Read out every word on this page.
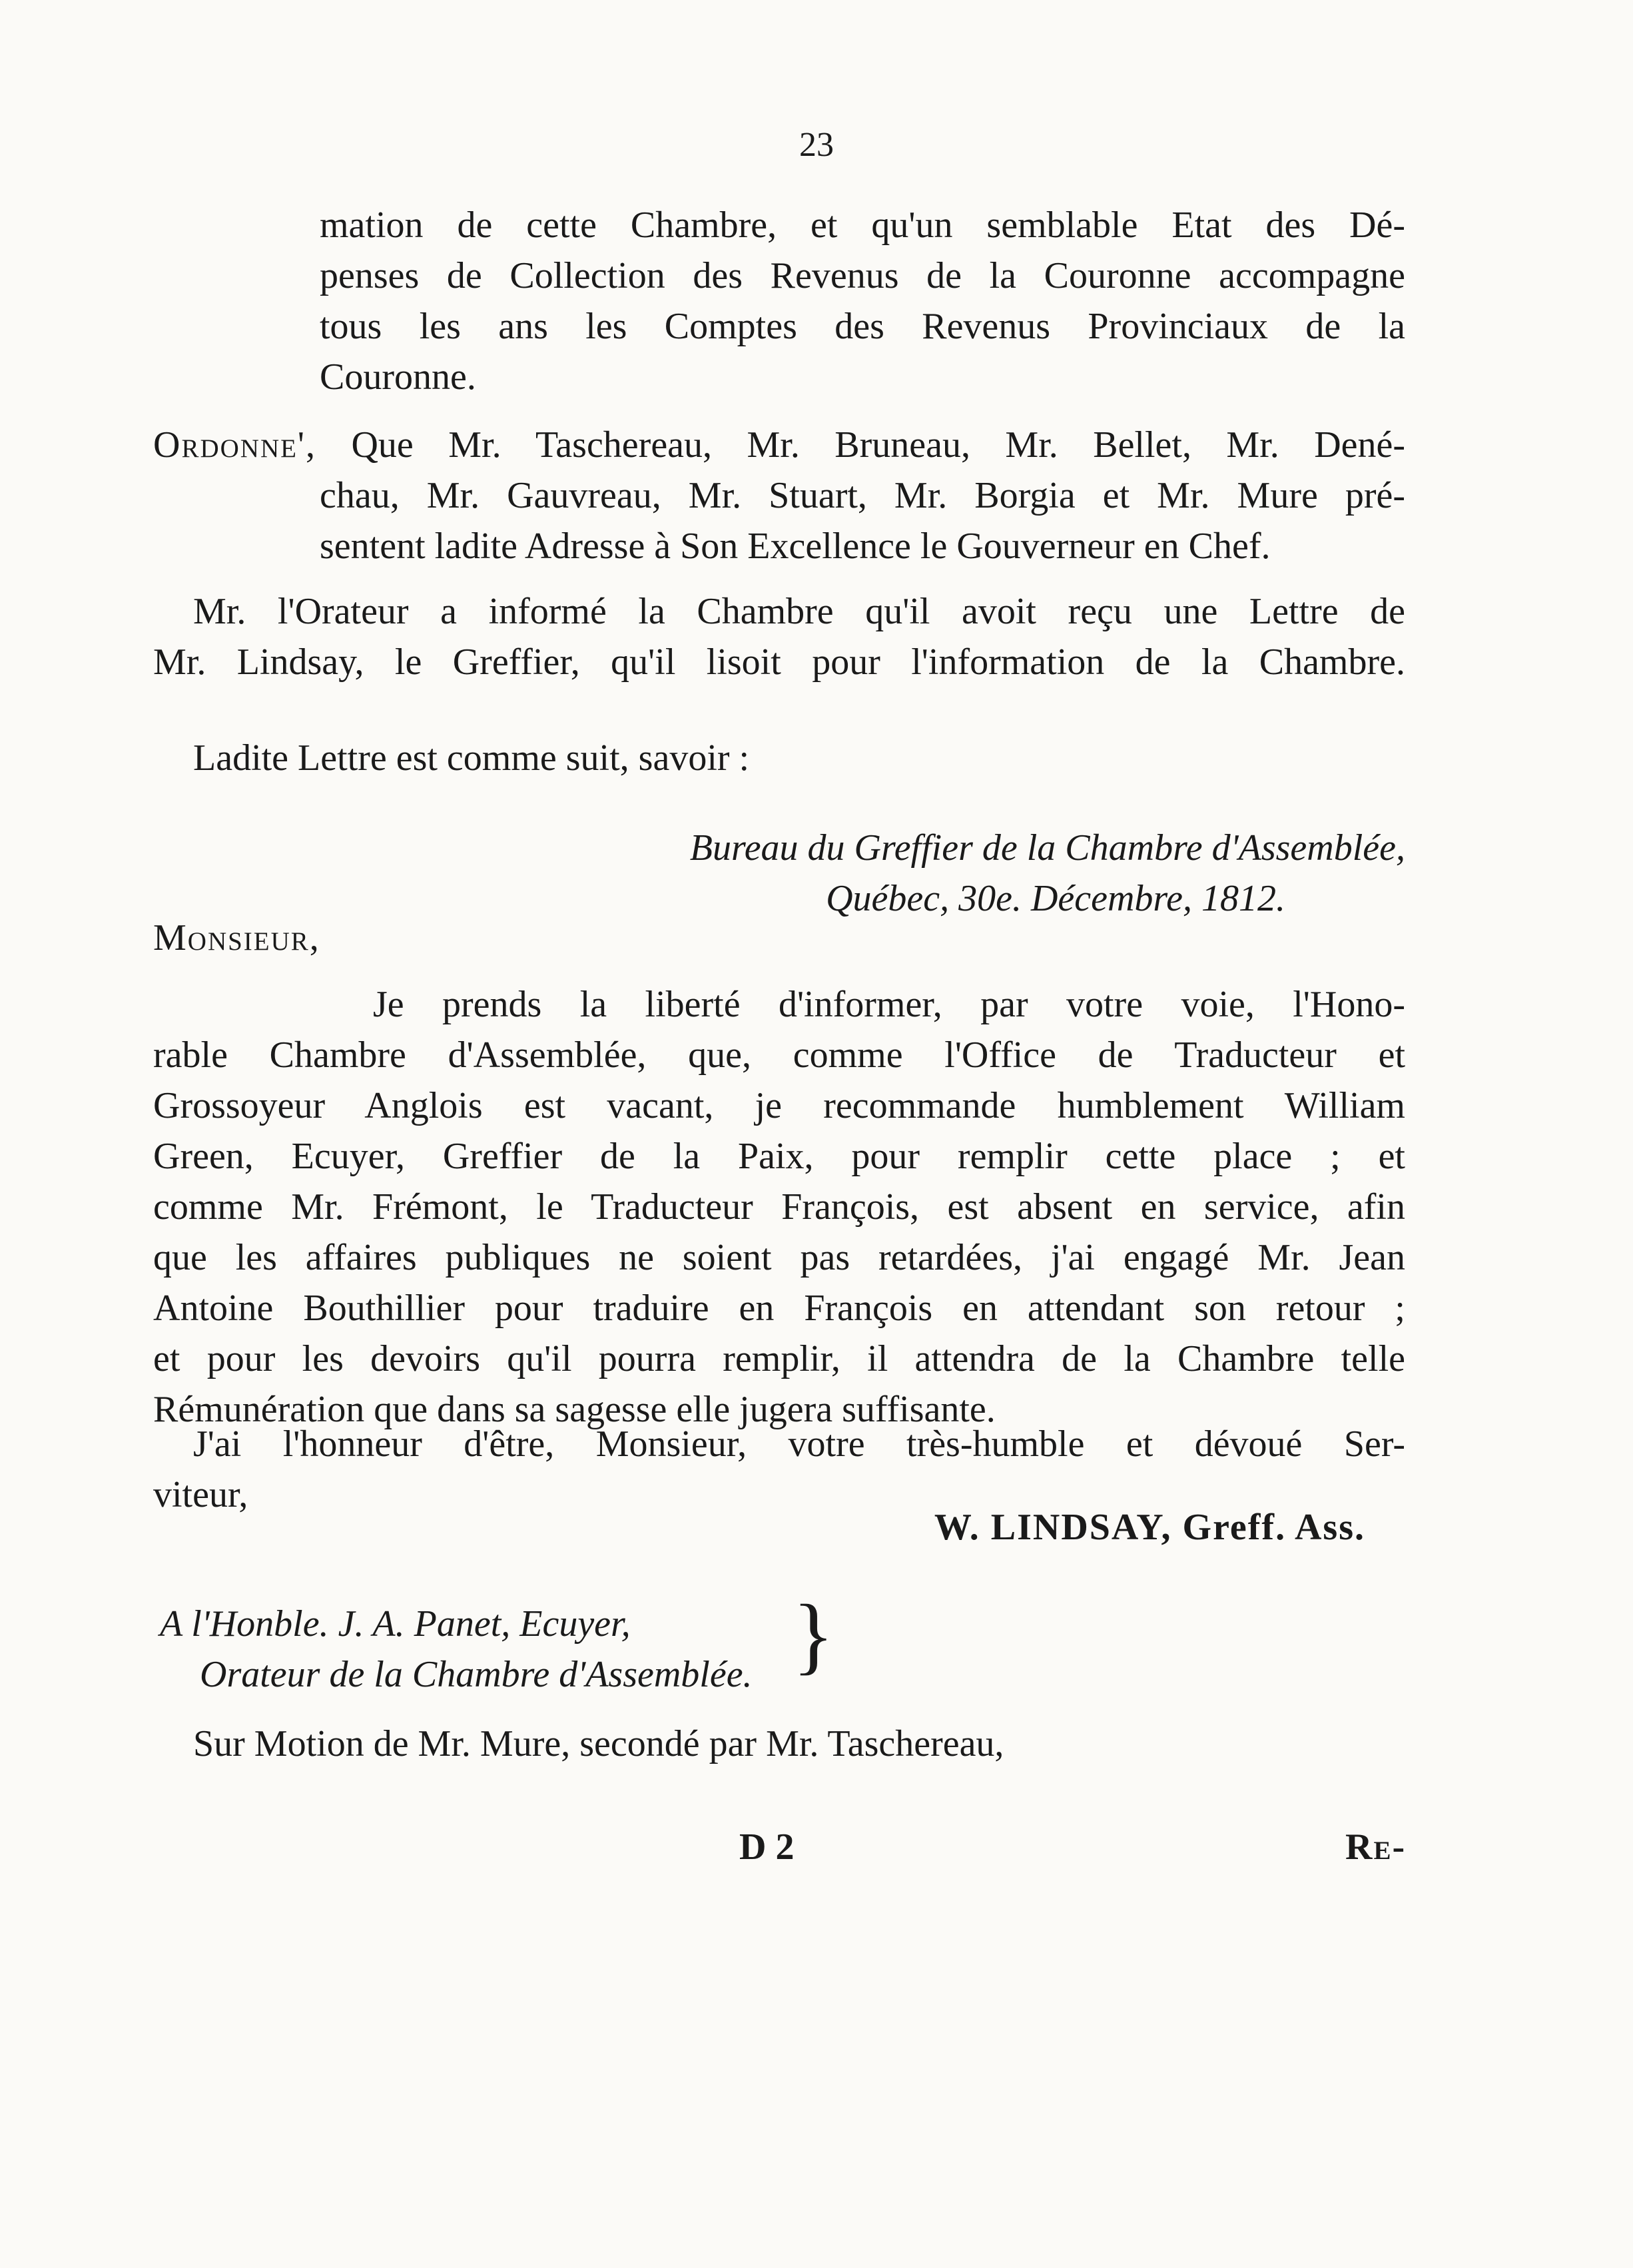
23
mation de cette Chambre, et qu'un semblable Etat des Dé-
penses de Collection des Revenus de la Couronne accompagne
tous les ans les Comptes des Revenus Provinciaux de la
Couronne.
Ordonne', Que Mr. Taschereau, Mr. Bruneau, Mr. Bellet, Mr. Dené-
chau, Mr. Gauvreau, Mr. Stuart, Mr. Borgia et Mr. Mure pré-
sentent ladite Adresse à Son Excellence le Gouverneur en Chef.
Mr. l'Orateur a informé la Chambre qu'il avoit reçu une Lettre de
Mr. Lindsay, le Greffier, qu'il lisoit pour l'information de la Chambre.
Ladite Lettre est comme suit, savoir :
Bureau du Greffier de la Chambre d'Assemblée,
Québec, 30e. Décembre, 1812.
Monsieur,
Je prends la liberté d'informer, par votre voie, l'Hono-
rable Chambre d'Assemblée, que, comme l'Office de Traducteur et
Grossoyeur Anglois est vacant, je recommande humblement William
Green, Ecuyer, Greffier de la Paix, pour remplir cette place ; et
comme Mr. Frémont, le Traducteur François, est absent en service, afin
que les affaires publiques ne soient pas retardées, j'ai engagé Mr. Jean
Antoine Bouthillier pour traduire en François en attendant son retour ;
et pour les devoirs qu'il pourra remplir, il attendra de la Chambre telle
Rémunération que dans sa sagesse elle jugera suffisante.
J'ai l'honneur d'être, Monsieur, votre très-humble et dévoué Ser-
viteur,
W. LINDSAY, Greff. Ass.
A l'Honble. J. A. Panet, Ecuyer,
Orateur de la Chambre d'Assemblée. }
Sur Motion de Mr. Mure, secondé par Mr. Taschereau,
D 2	Re-
